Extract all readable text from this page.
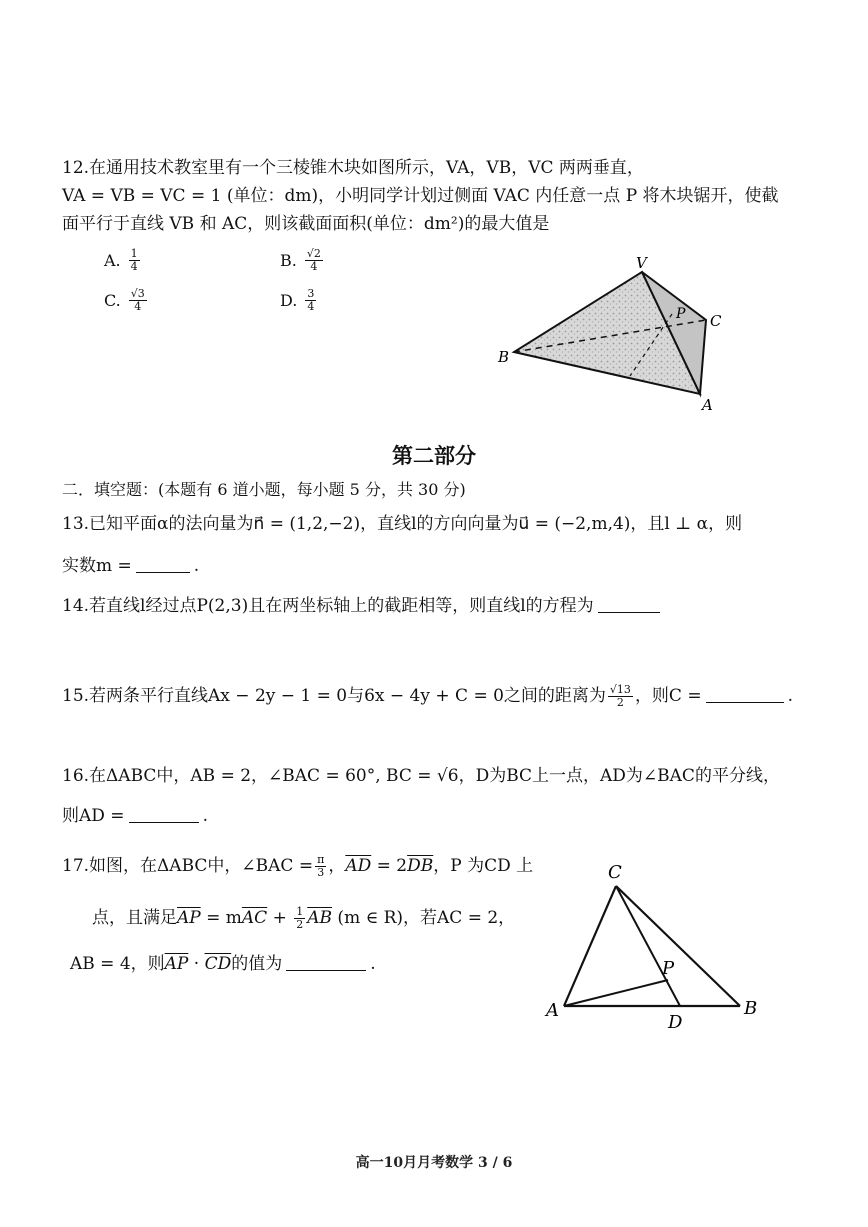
12.在通用技术教室里有一个三棱锥木块如图所示，VA，VB，VC 两两垂直，
VA = VB = VC = 1 (单位：dm)，小明同学计划过侧面 VAC 内任意一点 P 将木块锯开，使截
面平行于直线 VB 和 AC，则该截面面积(单位：dm²)的最大值是
A. $\frac{1}{4}$	B. $\frac{√2}{4}$
C. $\frac{√3}{4}$	D. $\frac{3}{4}$
V
P C
B
A
第二部分
二．填空题：(本题有 6 道小题，每小题 5 分，共 30 分)
13.已知平面α的法向量为n⃗ = (1,2,−2)，直线l的方向向量为u⃗ = (−2,m,4)，且l ⊥ α，则
实数m =	.
14.若直线l经过点P(2,3)且在两坐标轴上的截距相等，则直线l的方程为
15.若两条平行直线Ax − 2y − 1 = 0与6x − 4y + C = 0之间的距离为 $\frac{√13}{2}$ ，则C =	.
16.在ΔABC中，AB = 2，∠BAC = 60°, BC = √6，D为BC上一点，AD为∠BAC的平分线，
则AD =	.
17.如图，在ΔABC中，∠BAC = $\frac{\pi}{3}$ ，$\overline{AD} = 2\overline{DB}$，P 为CD 上
点，且满足$\overline{AP} = m\overline{AC} + \frac{1}{2} \overline{AB}$ (m ∈ R)，若AC = 2，
AB = 4，则$\overline{AP} \cdot \overline{CD}$的值为	.
C
P
A
D
B
高一10月月考数学 3 / 6
